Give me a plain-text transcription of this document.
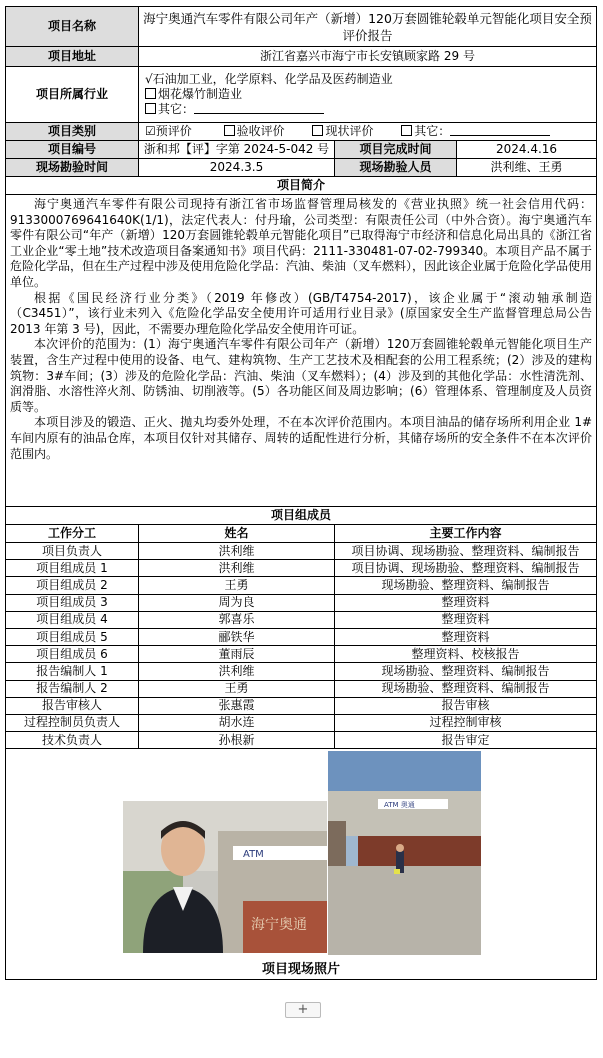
项目名称	海宁奥通汽车零件有限公司年产（新增）120万套圆锥轮毂单元智能化项目安全预评价报告		
项目地址	浙江省嘉兴市海宁市长安镇顾家路 29 号		
项目所属行业	√石油加工业，化学原料、化学品及医药制造业
烟花爆竹制造业
其它：		

项目类别	☑预评价 验收评价 现状评价 其它：		
项目编号	浙和邦【评】字第 2024-5-042 号	项目完成时间	2024.4.16
现场勘验时间	2024.3.5	现场勘验人员	洪利维、王勇
项目简介			

海宁奥通汽车零件有限公司现持有浙江省市场监督管理局核发的《营业执照》统一社会信用代码：9133000769641640K(1/1)，法定代表人：付丹瑜，公司类型：有限责任公司（中外合资）。海宁奥通汽车零件有限公司“年产（新增）120万套圆锥轮毂单元智能化项目”已取得海宁市经济和信息化局出具的《浙江省工业企业“零土地”技术改造项目备案通知书》项目代码：2111-330481-07-02-799340。本项目产品不属于危险化学品，但在生产过程中涉及使用危险化学品：汽油、柴油（叉车燃料），因此该企业属于危险化学品使用单位。

根据《国民经济行业分类》（2019 年修改）(GB/T4754-2017)，该企业属于“滚动轴承制造（C3451）”，该行业未列入《危险化学品安全使用许可适用行业目录》(原国家安全生产监督管理总局公告 2013 年第 3 号)，因此，不需要办理危险化学品安全使用许可证。

本次评价的范围为：(1）海宁奥通汽车零件有限公司年产（新增）120万套圆锥轮毂单元智能化项目生产装置，含生产过程中使用的设备、电气、建构筑物、生产工艺技术及相配套的公用工程系统；(2）涉及的建构筑物：3#车间；(3）涉及的危险化学品：汽油、柴油（叉车燃料）；(4）涉及到的其他化学品：水性清洗剂、润滑脂、水溶性淬火剂、防锈油、切削液等。(5）各功能区间及周边影响；(6）管理体系、管理制度及人员资质等。

本项目涉及的锻造、正火、抛丸均委外处理，不在本次评价范围内。本项目油品的储存场所利用企业 1#车间内原有的油品仓库，本项目仅针对其储存、周转的适配性进行分析，其储存场所的安全条件不在本次评价范围内。			

项目组成员			
工作分工	姓名	主要工作内容	
项目负责人	洪利维	项目协调、现场勘验、整理资料、编制报告	
项目组成员 1	洪利维	项目协调、现场勘验、整理资料、编制报告	
项目组成员 2	王勇	现场勘验、整理资料、编制报告	
项目组成员 3	周为良	整理资料	
项目组成员 4	郭喜乐	整理资料	
项目组成员 5	郦铁华	整理资料	
项目组成员 6	董雨辰	整理资料、校核报告	
报告编制人 1	洪利维	现场勘验、整理资料、编制报告	
报告编制人 2	王勇	现场勘验、整理资料、编制报告	
报告审核人	张惠霞	报告审核	
过程控制员负责人	胡水连	过程控制审核	
技术负责人	孙根新	报告审定	

ATM
海宁奥通
ATM 奥通
项目现场照片			
+
